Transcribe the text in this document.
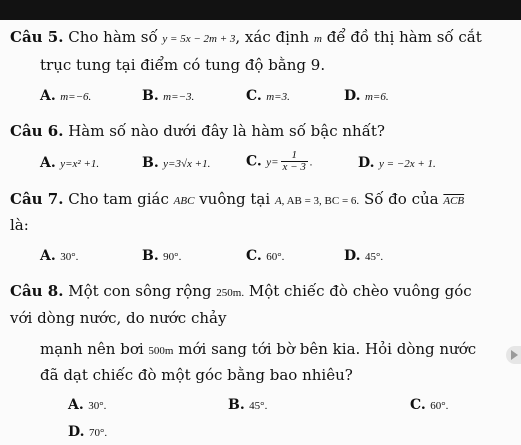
Câu 5. Cho hàm số y = 5x − 2m + 3, xác định m để đồ thị hàm số cắt
trục tung tại điểm có tung độ bằng 9.
A. m=−6.	B. m=−3.	C. m=3.	D. m=6.
Câu 6. Hàm số nào dưới đây là hàm số bậc nhất?
A. y=x² +1.	B. y=3√x +1.	C. $y= \frac{1}{x - 3}$ .	D. y = −2x + 1.
Câu 7. Cho tam giác ABC vuông tại A, AB = 3, BC = 6. Số đo của $\overline{ACB}$
là:
A. 30°.	B. 90°.	C. 60°.	D. 45°.
Câu 8. Một con sông rộng 250m. Một chiếc đò chèo vuông góc
với dòng nước, do nước chảy
mạnh nên bơi 500m mới sang tới bờ bên kia. Hỏi dòng nước
đã dạt chiếc đò một góc bằng bao nhiêu?
A. 30°.	B. 45°.	C. 60°.
D. 70°.
